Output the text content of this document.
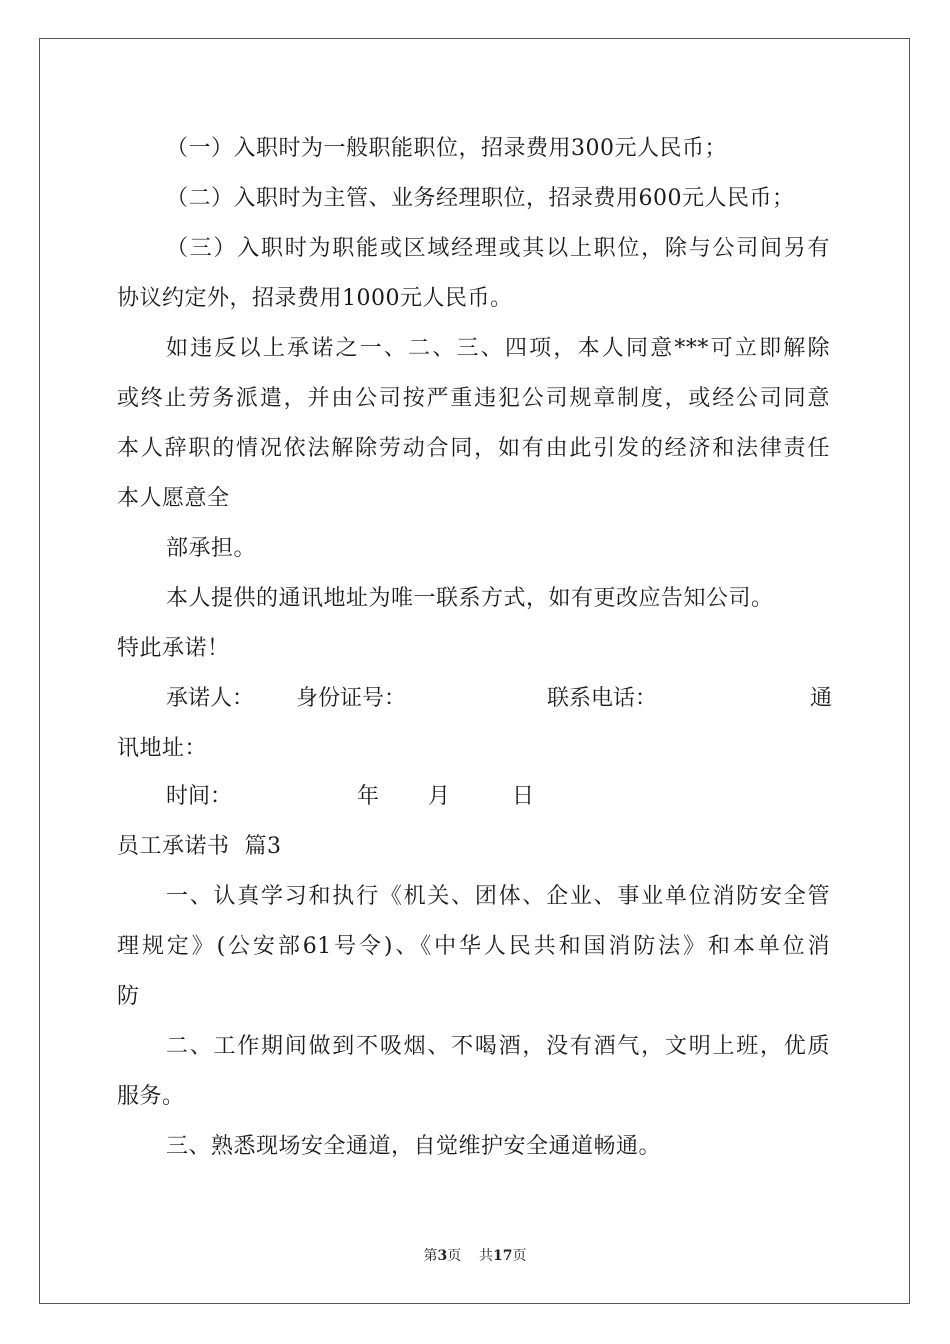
（一）入职时为一般职能职位，招录费用300元人民币；
（二）入职时为主管、业务经理职位，招录费用600元人民币；
（三）入职时为职能或区域经理或其以上职位，除与公司间另有
协议约定外，招录费用1000元人民币。
如违反以上承诺之一、二、三、四项，本人同意***可立即解除
或终止劳务派遣，并由公司按严重违犯公司规章制度，或经公司同意
本人辞职的情况依法解除劳动合同，如有由此引发的经济和法律责任
本人愿意全
部承担。
本人提供的通讯地址为唯一联系方式，如有更改应告知公司。
特此承诺！
承诺人： 身份证号：	联系电话：	通
讯地址：
时间：	年 月	日
员工承诺书  篇3
一、认真学习和执行《机关、团体、企业、事业单位消防安全管
理规定》(公安部61号令)、《中华人民共和国消防法》和本单位消
防
二、工作期间做到不吸烟、不喝酒，没有酒气，文明上班，优质
服务。
三、熟悉现场安全通道，自觉维护安全通道畅通。
第3页    共17页
